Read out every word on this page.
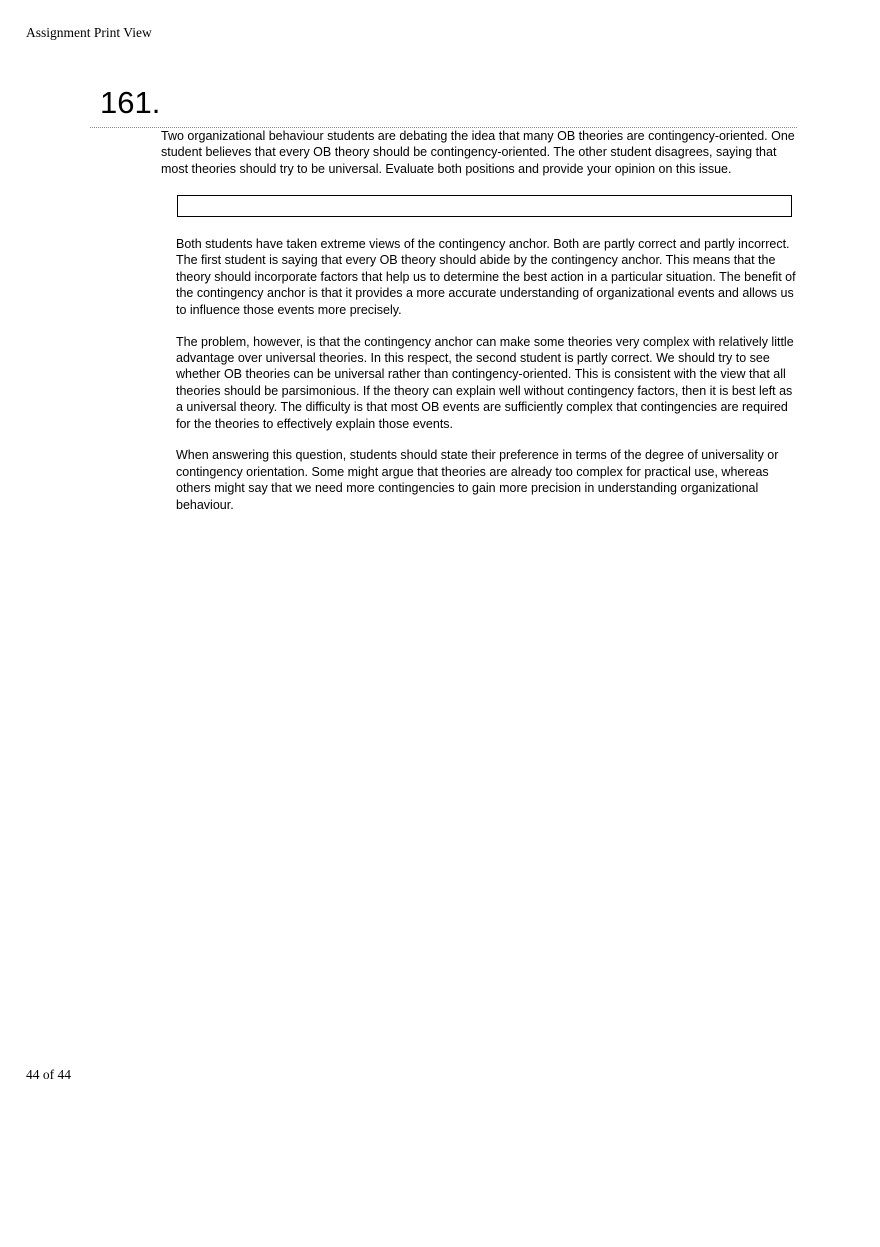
Assignment Print View
161.

Two organizational behaviour students are debating the idea that many OB theories are contingency-oriented. One student believes that every OB theory should be contingency-oriented. The other student disagrees, saying that most theories should try to be universal. Evaluate both positions and provide your opinion on this issue.

Both students have taken extreme views of the contingency anchor. Both are partly correct and partly incorrect. The first student is saying that every OB theory should abide by the contingency anchor. This means that the theory should incorporate factors that help us to determine the best action in a particular situation. The benefit of the contingency anchor is that it provides a more accurate understanding of organizational events and allows us to influence those events more precisely.

The problem, however, is that the contingency anchor can make some theories very complex with relatively little advantage over universal theories. In this respect, the second student is partly correct. We should try to see whether OB theories can be universal rather than contingency-oriented. This is consistent with the view that all theories should be parsimonious. If the theory can explain well without contingency factors, then it is best left as a universal theory. The difficulty is that most OB events are sufficiently complex that contingencies are required for the theories to effectively explain those events.

When answering this question, students should state their preference in terms of the degree of universality or contingency orientation. Some might argue that theories are already too complex for practical use, whereas others might say that we need more contingencies to gain more precision in understanding organizational behaviour.

44 of 44
